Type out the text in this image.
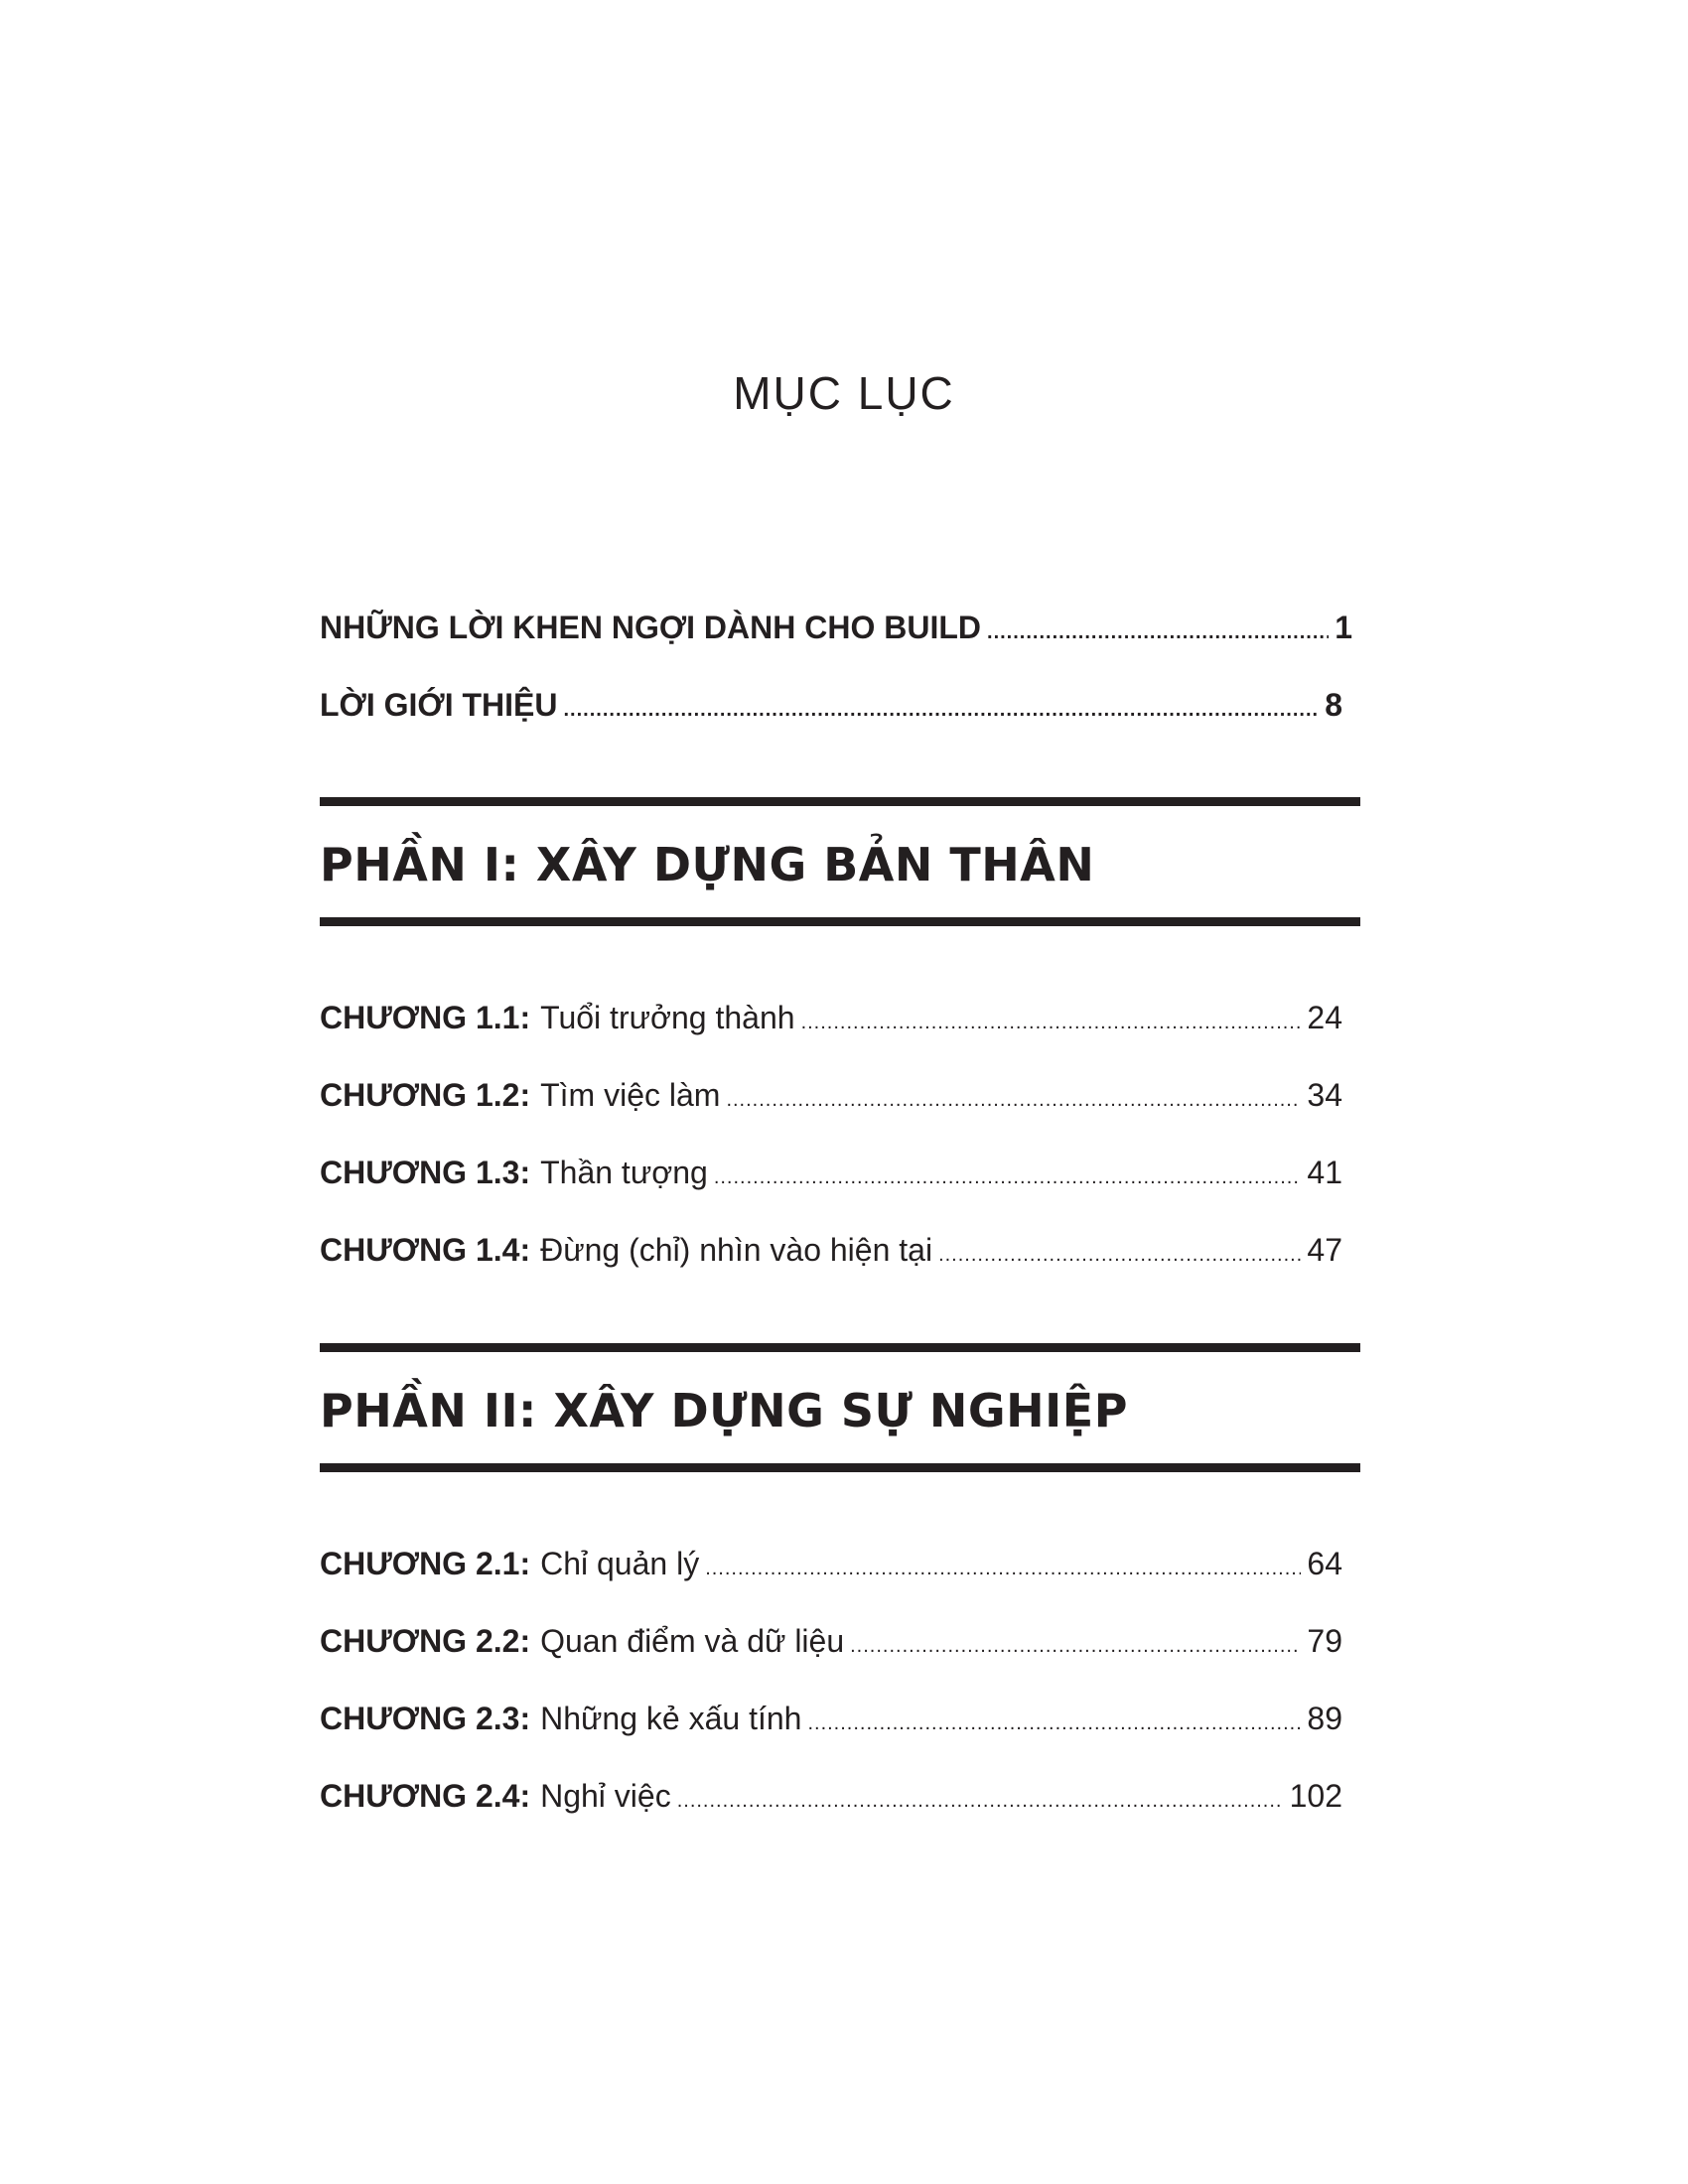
MỤC LỤC
NHỮNG LỜI KHEN NGỢI DÀNH CHO BUILD .....	1
LỜI GIỚI THIỆU .....	8
PHẦN I: XÂY DỰNG BẢN THÂN
CHƯƠNG 1.1: Tuổi trưởng thành .....	24
CHƯƠNG 1.2: Tìm việc làm .....	34
CHƯƠNG 1.3: Thần tượng .....	41
CHƯƠNG 1.4: Đừng (chỉ) nhìn vào hiện tại .....	47
PHẦN II: XÂY DỰNG SỰ NGHIỆP
CHƯƠNG 2.1: Chỉ quản lý .....	64
CHƯƠNG 2.2: Quan điểm và dữ liệu .....	79
CHƯƠNG 2.3: Những kẻ xấu tính .....	89
CHƯƠNG 2.4: Nghỉ việc .....	102
